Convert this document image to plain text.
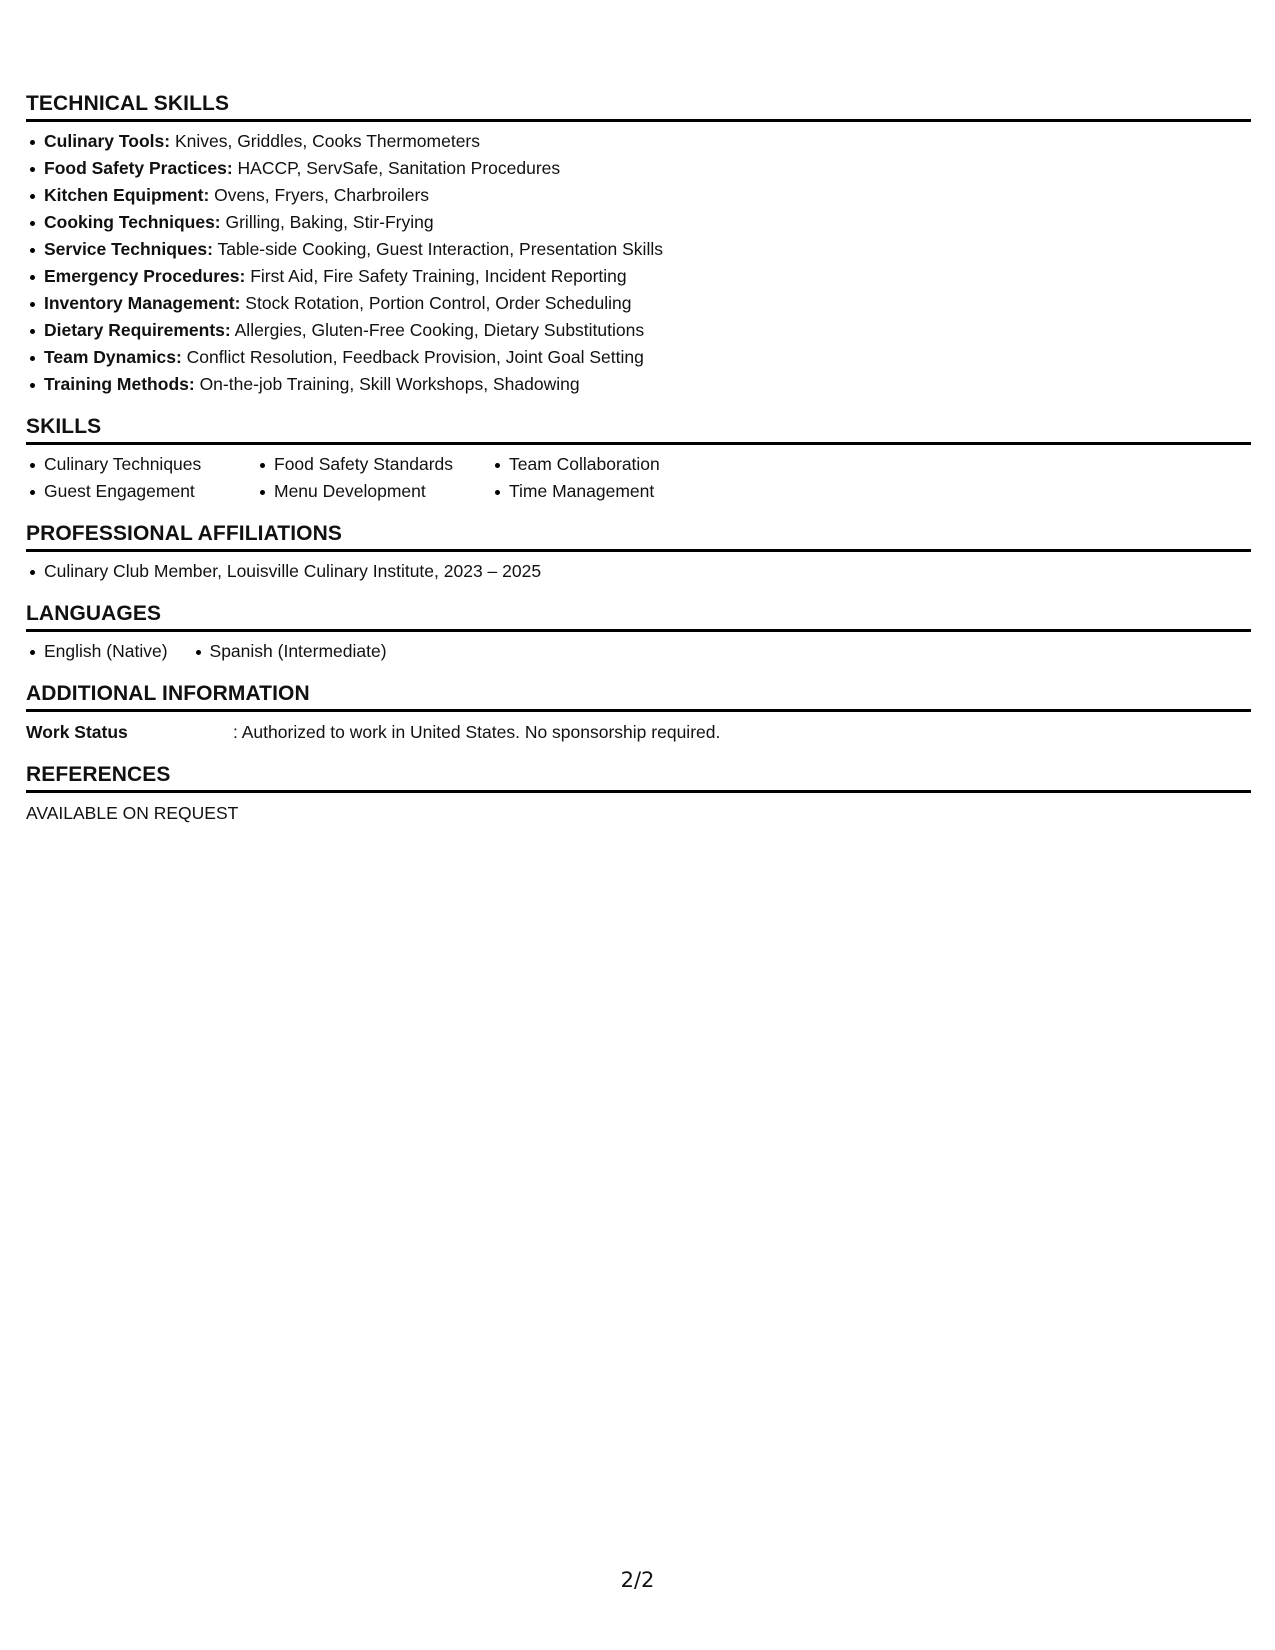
TECHNICAL SKILLS
Culinary Tools: Knives, Griddles, Cooks Thermometers
Food Safety Practices: HACCP, ServSafe, Sanitation Procedures
Kitchen Equipment: Ovens, Fryers, Charbroilers
Cooking Techniques: Grilling, Baking, Stir-Frying
Service Techniques: Table-side Cooking, Guest Interaction, Presentation Skills
Emergency Procedures: First Aid, Fire Safety Training, Incident Reporting
Inventory Management: Stock Rotation, Portion Control, Order Scheduling
Dietary Requirements: Allergies, Gluten-Free Cooking, Dietary Substitutions
Team Dynamics: Conflict Resolution, Feedback Provision, Joint Goal Setting
Training Methods: On-the-job Training, Skill Workshops, Shadowing
SKILLS
Culinary Techniques	Food Safety Standards	Team Collaboration
Guest Engagement	Menu Development	Time Management
PROFESSIONAL AFFILIATIONS
Culinary Club Member, Louisville Culinary Institute, 2023 – 2025
LANGUAGES
English (Native) Spanish (Intermediate)
ADDITIONAL INFORMATION
Work Status	: Authorized to work in United States. No sponsorship required.
REFERENCES
AVAILABLE ON REQUEST
2/2
